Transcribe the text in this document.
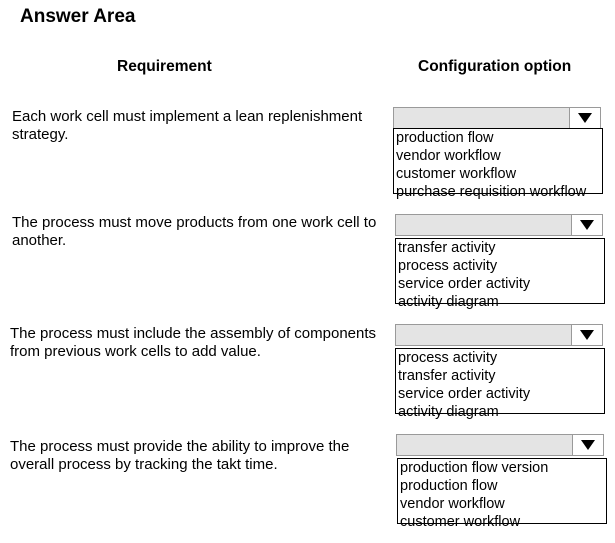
Answer Area
Requirement	Configuration option
Each work cell must implement a lean replenishment strategy.	production flow
vendor workflow
customer workflow
purchase requisition workflow
The process must move products from one work cell to another.	transfer activity
process activity
service order activity
activity diagram
The process must include the assembly of components from previous work cells to add value.	process activity
transfer activity
service order activity
activity diagram
The process must provide the ability to improve the overall process by tracking the takt time.	production flow version
production flow
vendor workflow
customer workflow
